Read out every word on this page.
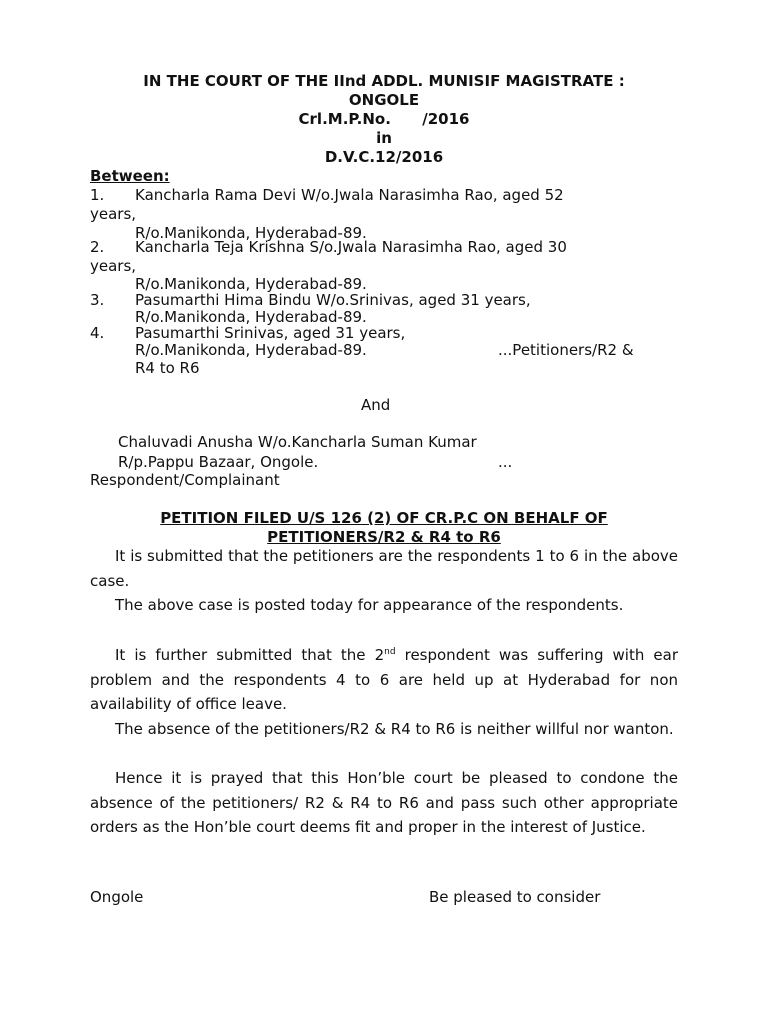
IN THE COURT OF THE IInd ADDL. MUNISIF MAGISTRATE :
ONGOLE
Crl.M.P.No.      /2016
in
D.V.C.12/2016
Between:
1. Kancharla Rama Devi W/o.Jwala Narasimha Rao, aged 52
years,
R/o.Manikonda, Hyderabad-89.
2. Kancharla Teja Krishna S/o.Jwala Narasimha Rao, aged 30
years,
R/o.Manikonda, Hyderabad-89.
3. Pasumarthi Hima Bindu W/o.Srinivas, aged 31 years,
R/o.Manikonda, Hyderabad-89.
4. Pasumarthi Srinivas, aged 31 years,
R/o.Manikonda, Hyderabad-89.	...Petitioners/R2 &
R4 to R6
And
Chaluvadi Anusha W/o.Kancharla Suman Kumar
R/p.Pappu Bazaar, Ongole.	...
Respondent/Complainant
PETITION FILED U/S 126 (2) OF CR.P.C ON BEHALF OF
PETITIONERS/R2 & R4 to R6

It is submitted that the petitioners are the respondents 1 to 6 in the above case.

The above case is posted today for appearance of the respondents.

It is further submitted that the 2nd respondent was suffering with ear problem and the respondents 4 to 6 are held up at Hyderabad for non availability of office leave.

The absence of the petitioners/R2 & R4 to R6 is neither willful nor wanton.

Hence it is prayed that this Hon’ble court be pleased to condone the absence of the petitioners/ R2 & R4 to R6 and pass such other appropriate orders as the Hon’ble court deems fit and proper in the interest of Justice.

Ongole	Be pleased to consider
